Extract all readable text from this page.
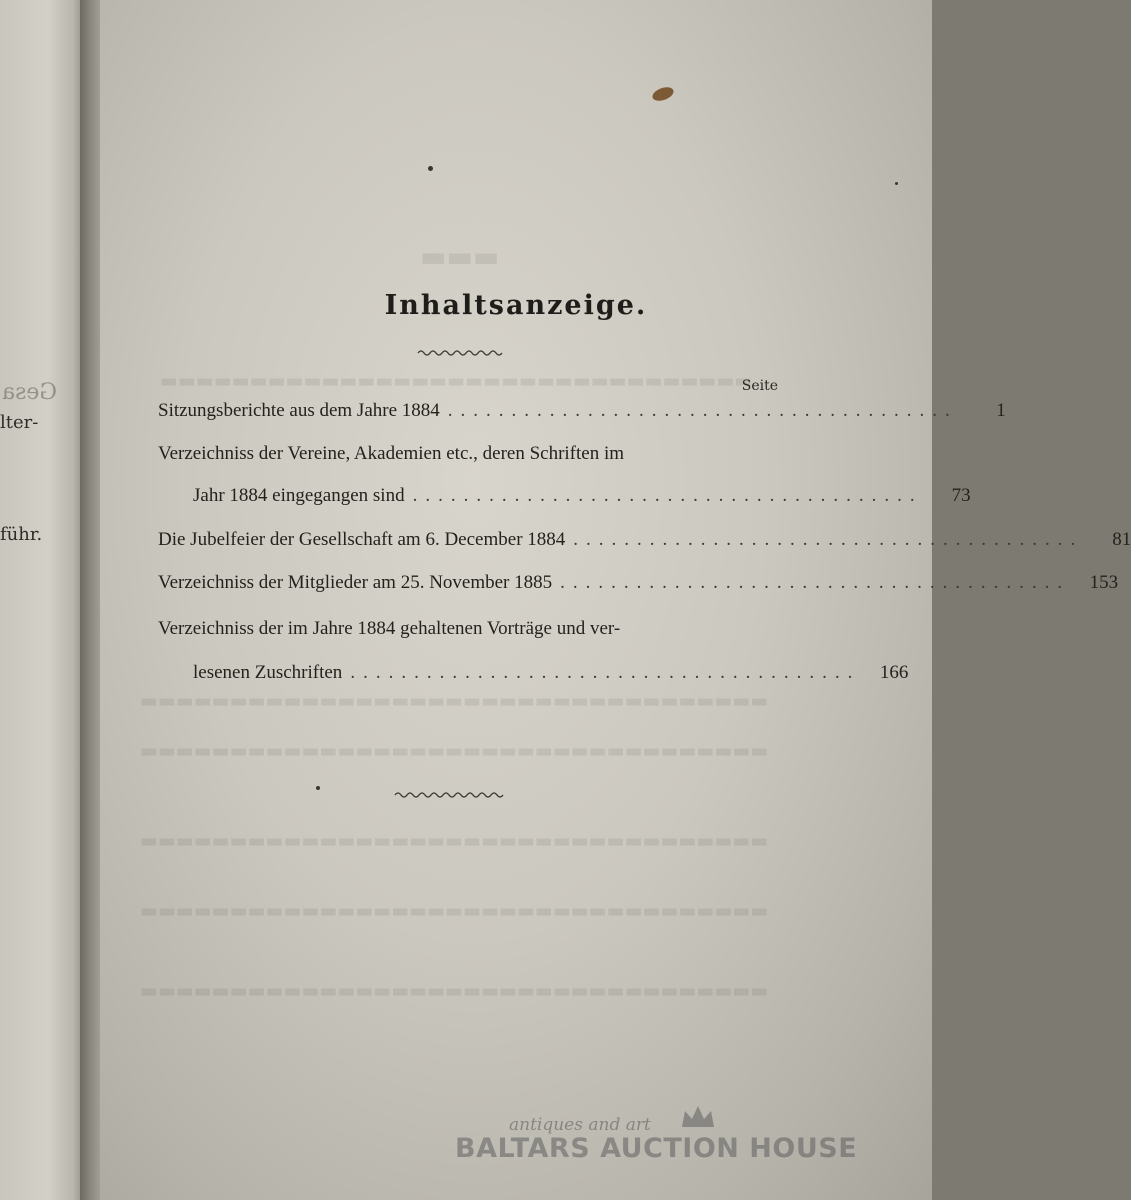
Gesa
lter-
führ.
▬▬▬
▬▬▬▬▬▬▬▬▬▬▬▬▬▬▬▬▬▬▬▬▬▬▬▬▬▬▬▬▬▬▬▬▬
▬▬▬▬▬▬▬▬▬▬▬▬▬▬▬▬▬▬▬▬▬▬▬▬▬▬▬▬▬▬▬▬▬▬▬
▬▬▬▬▬▬▬▬▬▬▬▬▬▬▬▬▬▬▬▬▬▬▬▬▬▬▬▬▬▬▬▬▬▬▬
▬▬▬▬▬▬▬▬▬▬▬▬▬▬▬▬▬▬▬▬▬▬▬▬▬▬▬▬▬▬▬▬▬▬▬
▬▬▬▬▬▬▬▬▬▬▬▬▬▬▬▬▬▬▬▬▬▬▬▬▬▬▬▬▬▬▬▬▬▬▬
▬▬▬▬▬▬▬▬▬▬▬▬▬▬▬▬▬▬▬▬▬▬▬▬▬▬▬▬▬▬▬▬▬▬▬
Inhaltsanzeige.
Seite
Sitzungsberichte aus dem Jahre 1884 ........................................	1
Verzeichniss der Vereine, Akademien etc., deren Schriften im
Jahr 1884 eingegangen sind ........................................	73
Die Jubelfeier der Gesellschaft am 6. December 1884 ........................................	81
Verzeichniss der Mitglieder am 25. November 1885 ........................................	153
Verzeichniss der im Jahre 1884 gehaltenen Vorträge und ver-
lesenen Zuschriften ........................................	166
antiques and art
BALTARS AUCTION HOUSE
